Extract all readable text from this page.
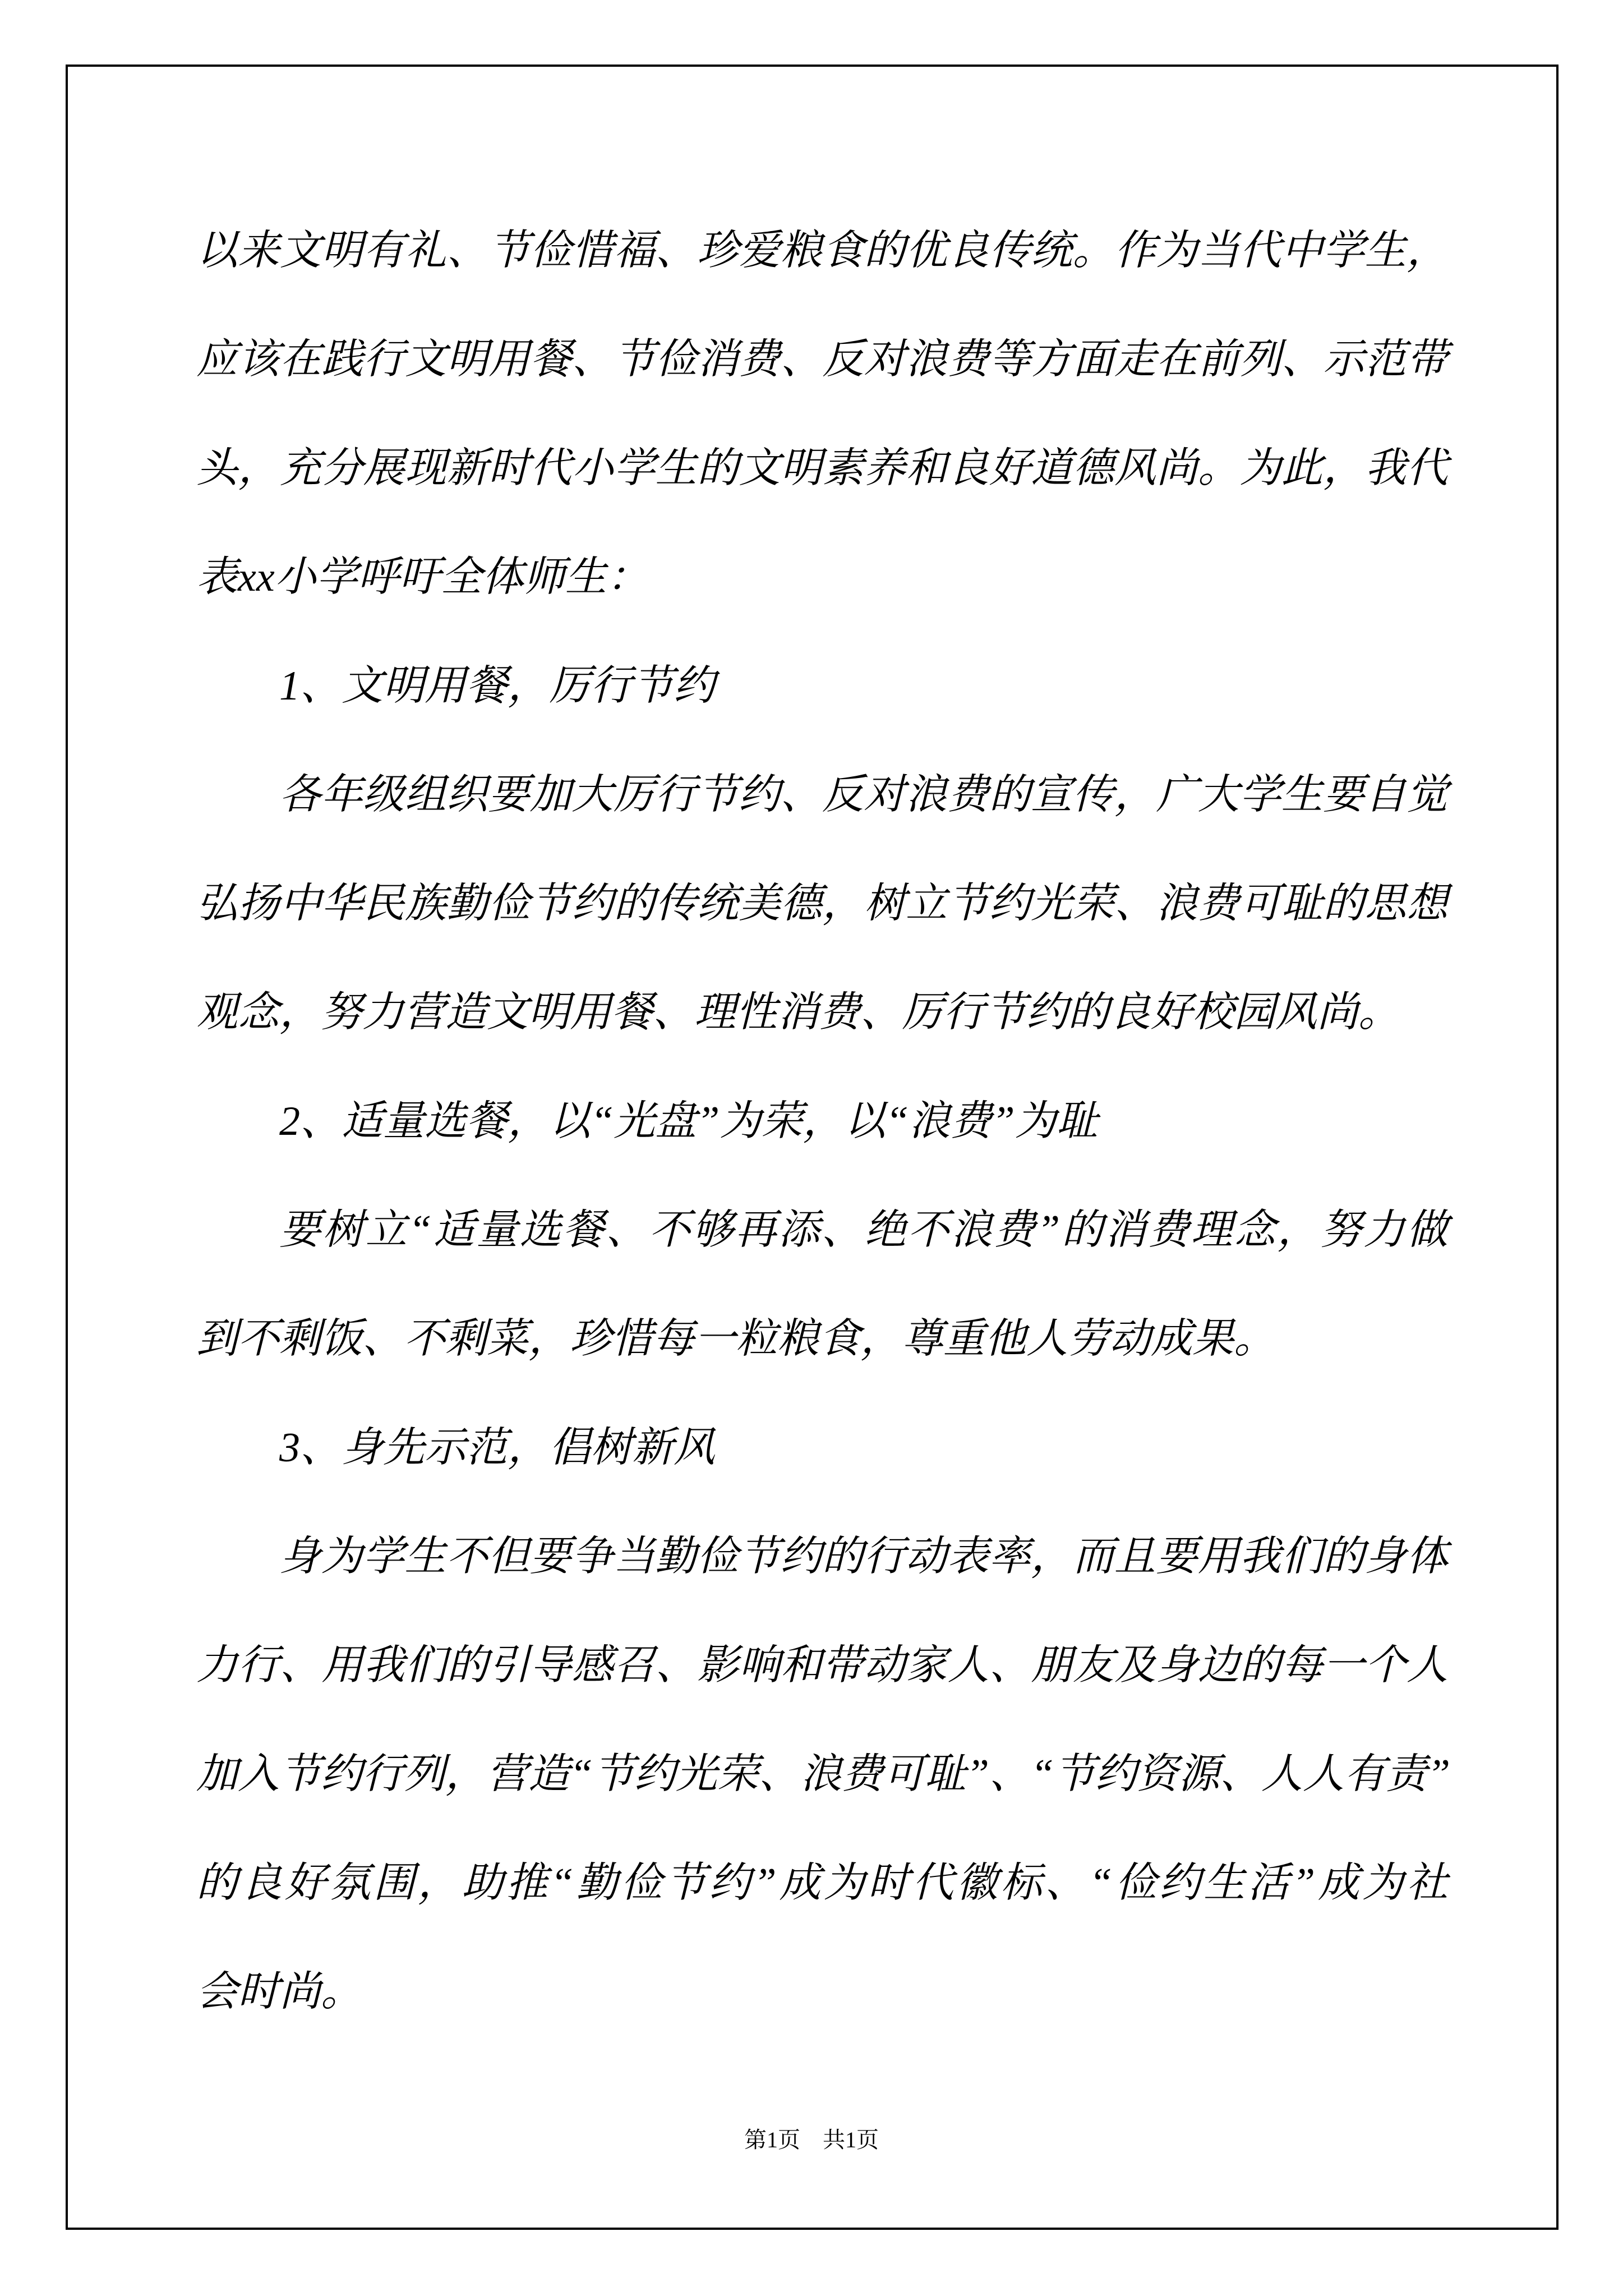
以来文明有礼、节俭惜福、珍爱粮食的优良传统。作为当代中学生，
应该在践行文明用餐、节俭消费、反对浪费等方面走在前列、示范带
头，充分展现新时代小学生的文明素养和良好道德风尚。为此，我代
表xx小学呼吁全体师生：
1、文明用餐，厉行节约
各年级组织要加大厉行节约、反对浪费的宣传，广大学生要自觉
弘扬中华民族勤俭节约的传统美德，树立节约光荣、浪费可耻的思想
观念，努力营造文明用餐、理性消费、厉行节约的良好校园风尚。
2、适量选餐，以“光盘”为荣，以“浪费”为耻
要树立“适量选餐、不够再添、绝不浪费”的消费理念，努力做
到不剩饭、不剩菜，珍惜每一粒粮食，尊重他人劳动成果。
3、身先示范，倡树新风
身为学生不但要争当勤俭节约的行动表率，而且要用我们的身体
力行、用我们的引导感召、影响和带动家人、朋友及身边的每一个人
加入节约行列，营造“节约光荣、浪费可耻”、“节约资源、人人有责”
的良好氛围，助推“勤俭节约”成为时代徽标、“俭约生活”成为社
会时尚。
第1页　共1页
